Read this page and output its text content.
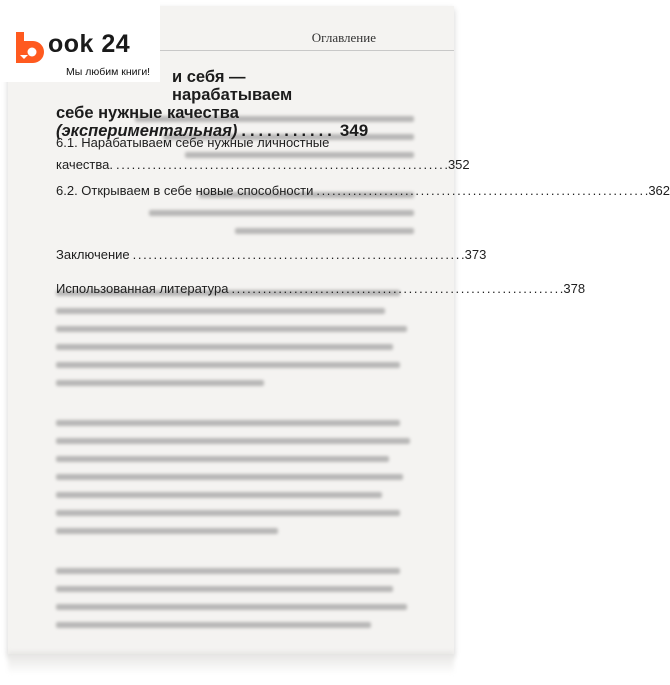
Оглавление
и себя — нарабатываем
себе нужные качества
(экспериментальная) ........... 349
6.1. Нарабатываем себе нужные личностные
качества. ............................................................... .352
6.2. Открываем в себе новые способности ............................................................... .362
Заключение ............................................................... .373
Использованная литература ............................................................... .378
ook 24
Мы любим книги!
